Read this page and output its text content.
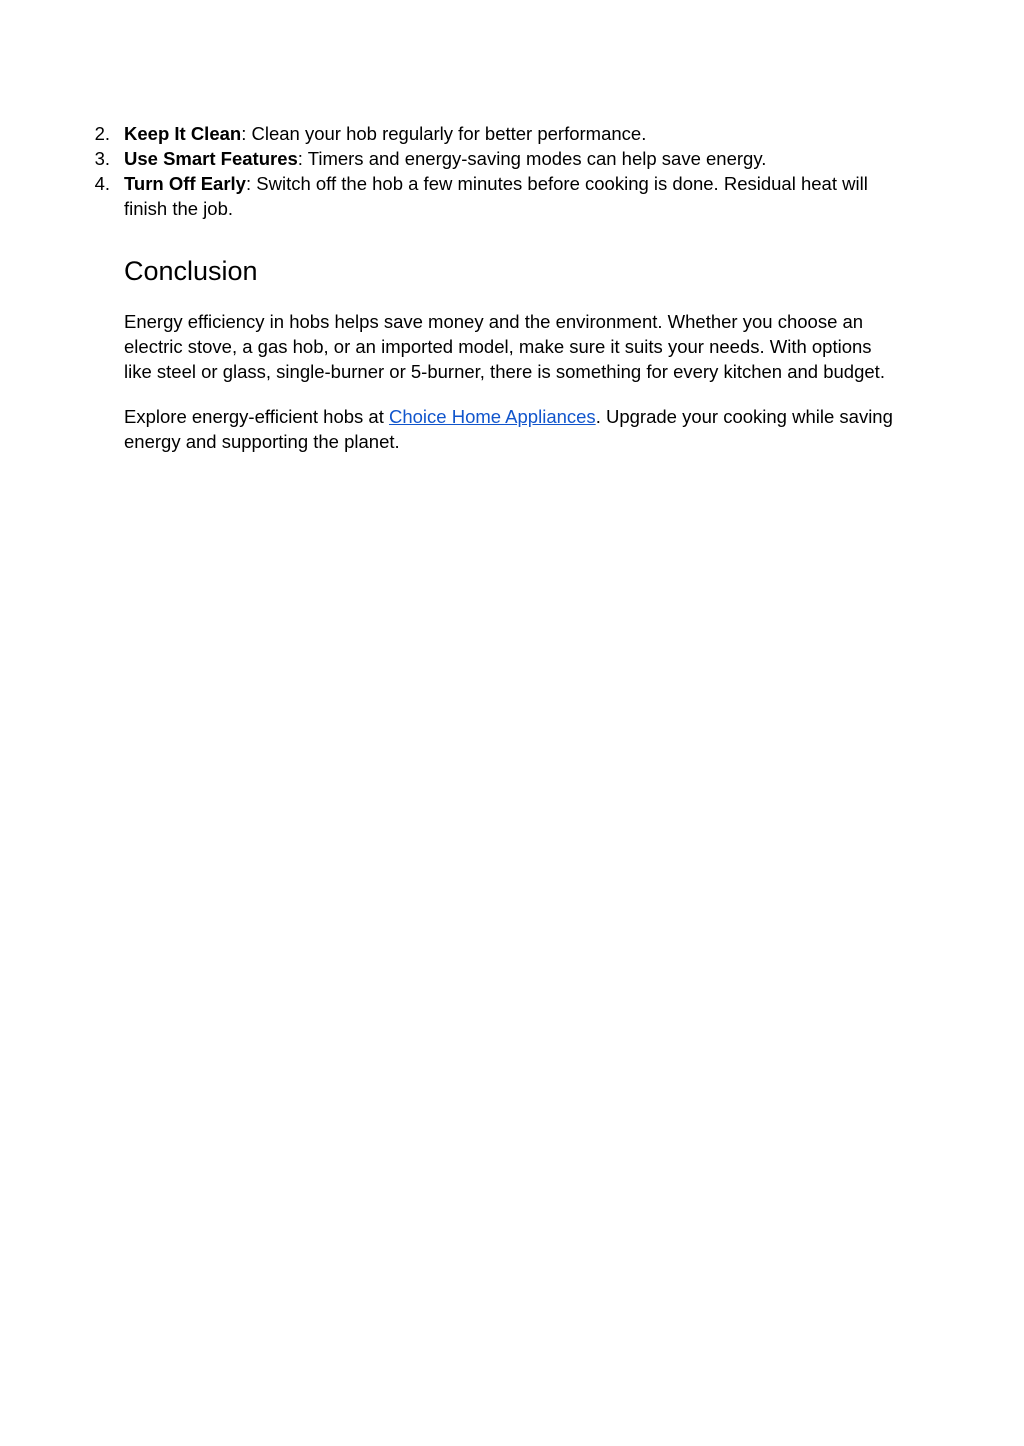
2. Keep It Clean: Clean your hob regularly for better performance.
3. Use Smart Features: Timers and energy-saving modes can help save energy.
4. Turn Off Early: Switch off the hob a few minutes before cooking is done. Residual heat will finish the job.
Conclusion

Energy efficiency in hobs helps save money and the environment. Whether you choose an electric stove, a gas hob, or an imported model, make sure it suits your needs. With options like steel or glass, single-burner or 5-burner, there is something for every kitchen and budget.

Explore energy-efficient hobs at Choice Home Appliances. Upgrade your cooking while saving energy and supporting the planet.
